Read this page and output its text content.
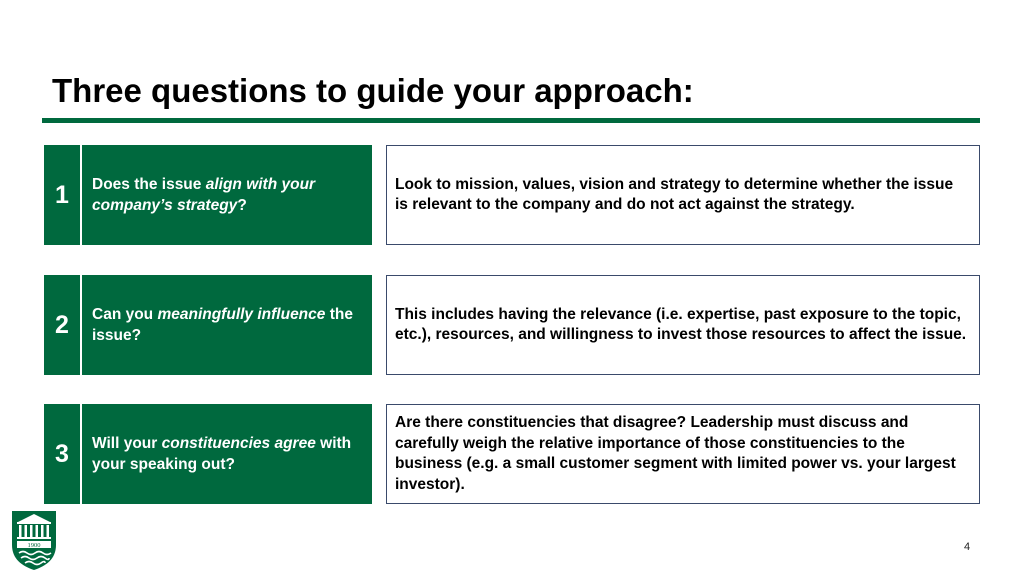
Three questions to guide your approach:
1	Does the issue align with your company’s strategy?
Look to mission, values, vision and strategy to determine whether the issue is relevant to the company and do not act against the strategy.
2	Can you meaningfully influence the issue?
This includes having the relevance (i.e. expertise, past exposure to the topic, etc.), resources, and willingness to invest those resources to affect the issue.
3	Will your constituencies agree with your speaking out?
Are there constituencies that disagree? Leadership must discuss and carefully weigh the relative importance of those constituencies to the business (e.g. a small customer segment with limited power vs. your largest investor).
1900	4
